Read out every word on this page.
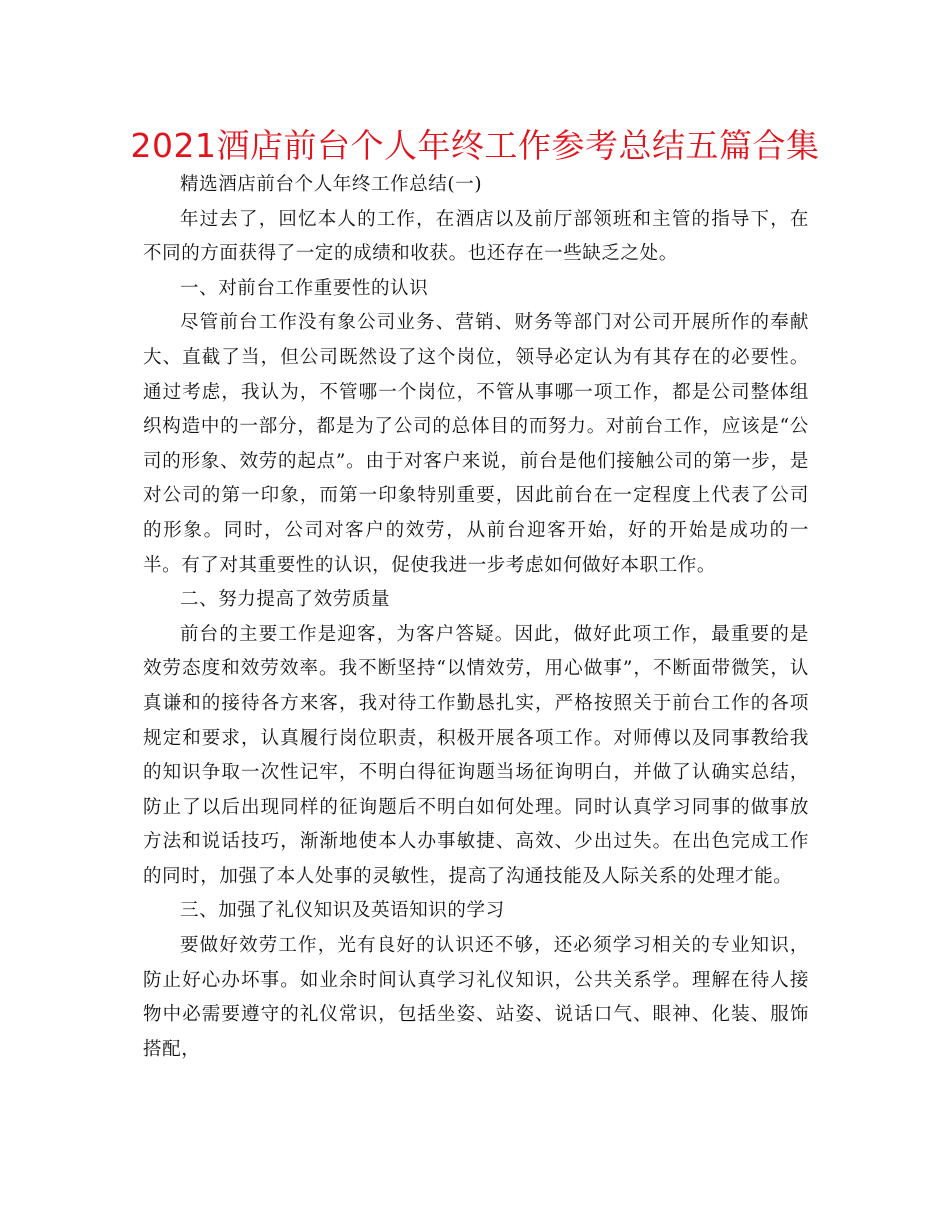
2021酒店前台个人年终工作参考总结五篇合集

精选酒店前台个人年终工作总结(一)

年过去了，回忆本人的工作，在酒店以及前厅部领班和主管的指导下，在不同的方面获得了一定的成绩和收获。也还存在一些缺乏之处。

一、对前台工作重要性的认识

尽管前台工作没有象公司业务、营销、财务等部门对公司开展所作的奉献大、直截了当，但公司既然设了这个岗位，领导必定认为有其存在的必要性。通过考虑，我认为，不管哪一个岗位，不管从事哪一项工作，都是公司整体组织构造中的一部分，都是为了公司的总体目的而努力。对前台工作，应该是“公司的形象、效劳的起点”。由于对客户来说，前台是他们接触公司的第一步，是对公司的第一印象，而第一印象特别重要，因此前台在一定程度上代表了公司的形象。同时，公司对客户的效劳，从前台迎客开始，好的开始是成功的一半。有了对其重要性的认识，促使我进一步考虑如何做好本职工作。

二、努力提高了效劳质量

前台的主要工作是迎客，为客户答疑。因此，做好此项工作，最重要的是效劳态度和效劳效率。我不断坚持“以情效劳，用心做事”，不断面带微笑，认真谦和的接待各方来客，我对待工作勤恳扎实，严格按照关于前台工作的各项规定和要求，认真履行岗位职责，积极开展各项工作。对师傅以及同事教给我的知识争取一次性记牢，不明白得征询题当场征询明白，并做了认确实总结，防止了以后出现同样的征询题后不明白如何处理。同时认真学习同事的做事放方法和说话技巧，渐渐地使本人办事敏捷、高效、少出过失。在出色完成工作的同时，加强了本人处事的灵敏性，提高了沟通技能及人际关系的处理才能。

三、加强了礼仪知识及英语知识的学习

要做好效劳工作，光有良好的认识还不够，还必须学习相关的专业知识，防止好心办坏事。如业余时间认真学习礼仪知识，公共关系学。理解在待人接物中必需要遵守的礼仪常识，包括坐姿、站姿、说话口气、眼神、化装、服饰搭配，
